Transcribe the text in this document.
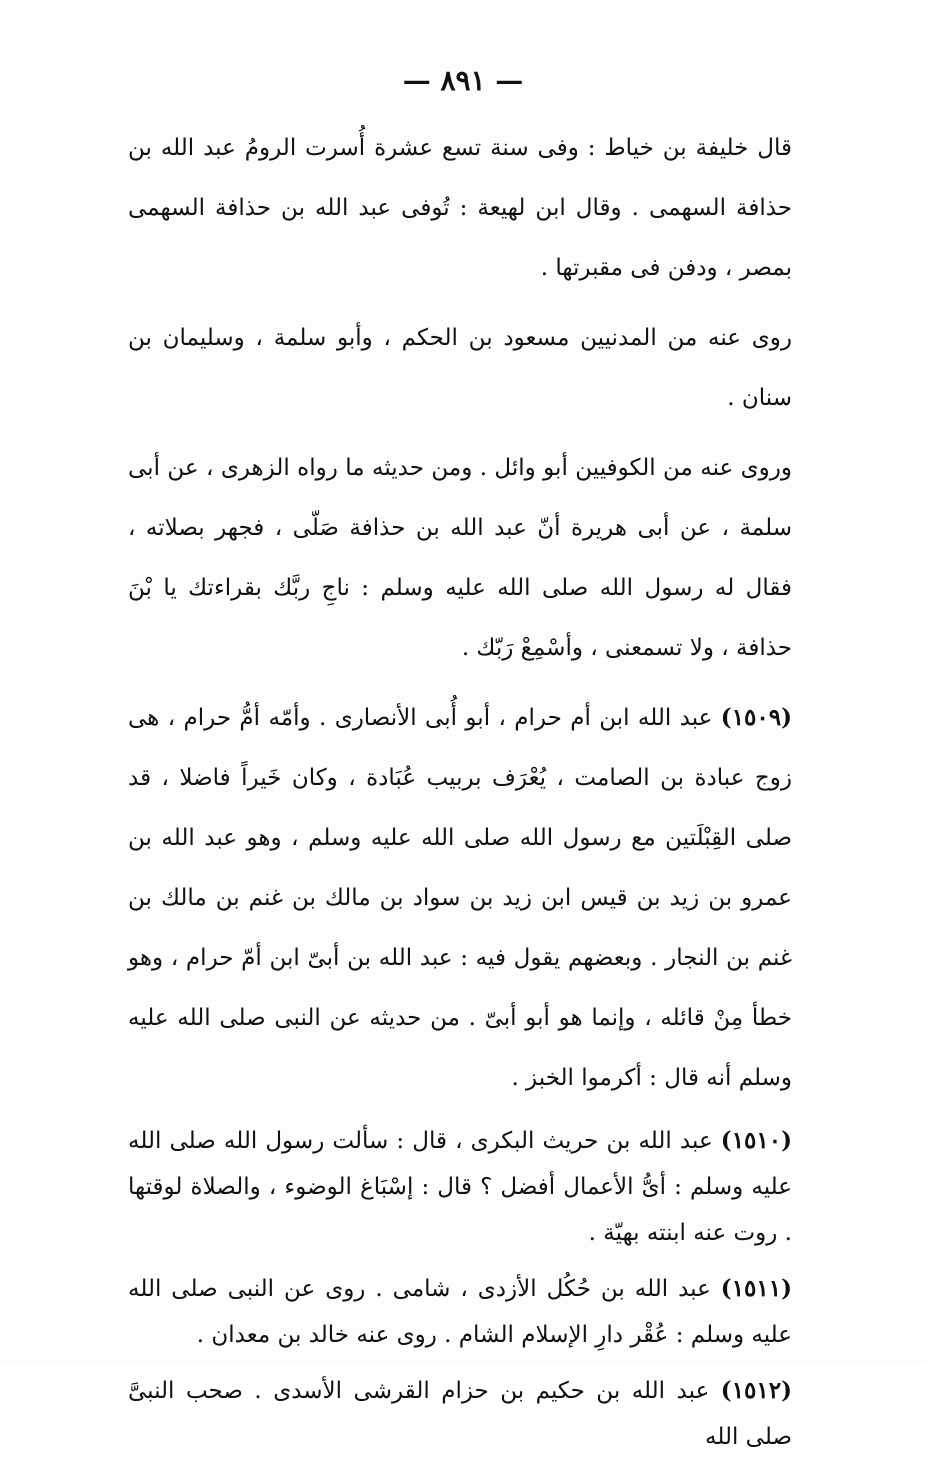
— ٨٩١ —

قال خليفة بن خياط : وفى سنة تسع عشرة أُسرت الرومُ عبد الله بن حذافة السهمى . وقال ابن لهيعة : تُوفى عبد الله بن حذافة السهمى بمصر ، ودفن فى مقبرتها .

روى عنه من المدنيين مسعود بن الحكم ، وأبو سلمة ، وسليمان بن سنان .

وروى عنه من الكوفيين أبو وائل . ومن حديثه ما رواه الزهرى ، عن أبى سلمة ، عن أبى هريرة أنّ عبد الله بن حذافة صَلّى ، فجهر بصلاته ، فقال له رسول الله صلى الله عليه وسلم : ناجِ ربَّك بقراءتك يا بْنَ حذافة ، ولا تسمعنى ، وأسْمِعْ رَبّك .

(١٥٠٩) عبد الله ابن أم حرام ، أبو أُبى الأنصارى . وأمّه أمُّ حرام ، هى زوج عبادة بن الصامت ، يُعْرَف بربيب عُبَادة ، وكان خَيراً فاضلا ، قد صلى القِبْلَتين مع رسول الله صلى الله عليه وسلم ، وهو عبد الله بن عمرو بن زيد بن قيس ابن زيد بن سواد بن مالك بن غنم بن مالك بن غنم بن النجار . وبعضهم يقول فيه : عبد الله بن أبىّ ابن أمّ حرام ، وهو خطأ مِنْ قائله ، وإنما هو أبو أبىّ . من حديثه عن النبى صلى الله عليه وسلم أنه قال : أكرموا الخبز .

(١٥١٠) عبد الله بن حريث البكرى ، قال : سألت رسول الله صلى الله عليه وسلم : أىُّ الأعمال أفضل ؟ قال : إسْبَاغ الوضوء ، والصلاة لوقتها . روت عنه ابنته بهيّة .

(١٥١١) عبد الله بن حُكُل الأزدى ، شامى . روى عن النبى صلى الله عليه وسلم : عُقْر دارِ الإسلام الشام . روى عنه خالد بن معدان .

(١٥١٢) عبد الله بن حكيم بن حزام القرشى الأسدى . صحب النبىَّ صلى الله
